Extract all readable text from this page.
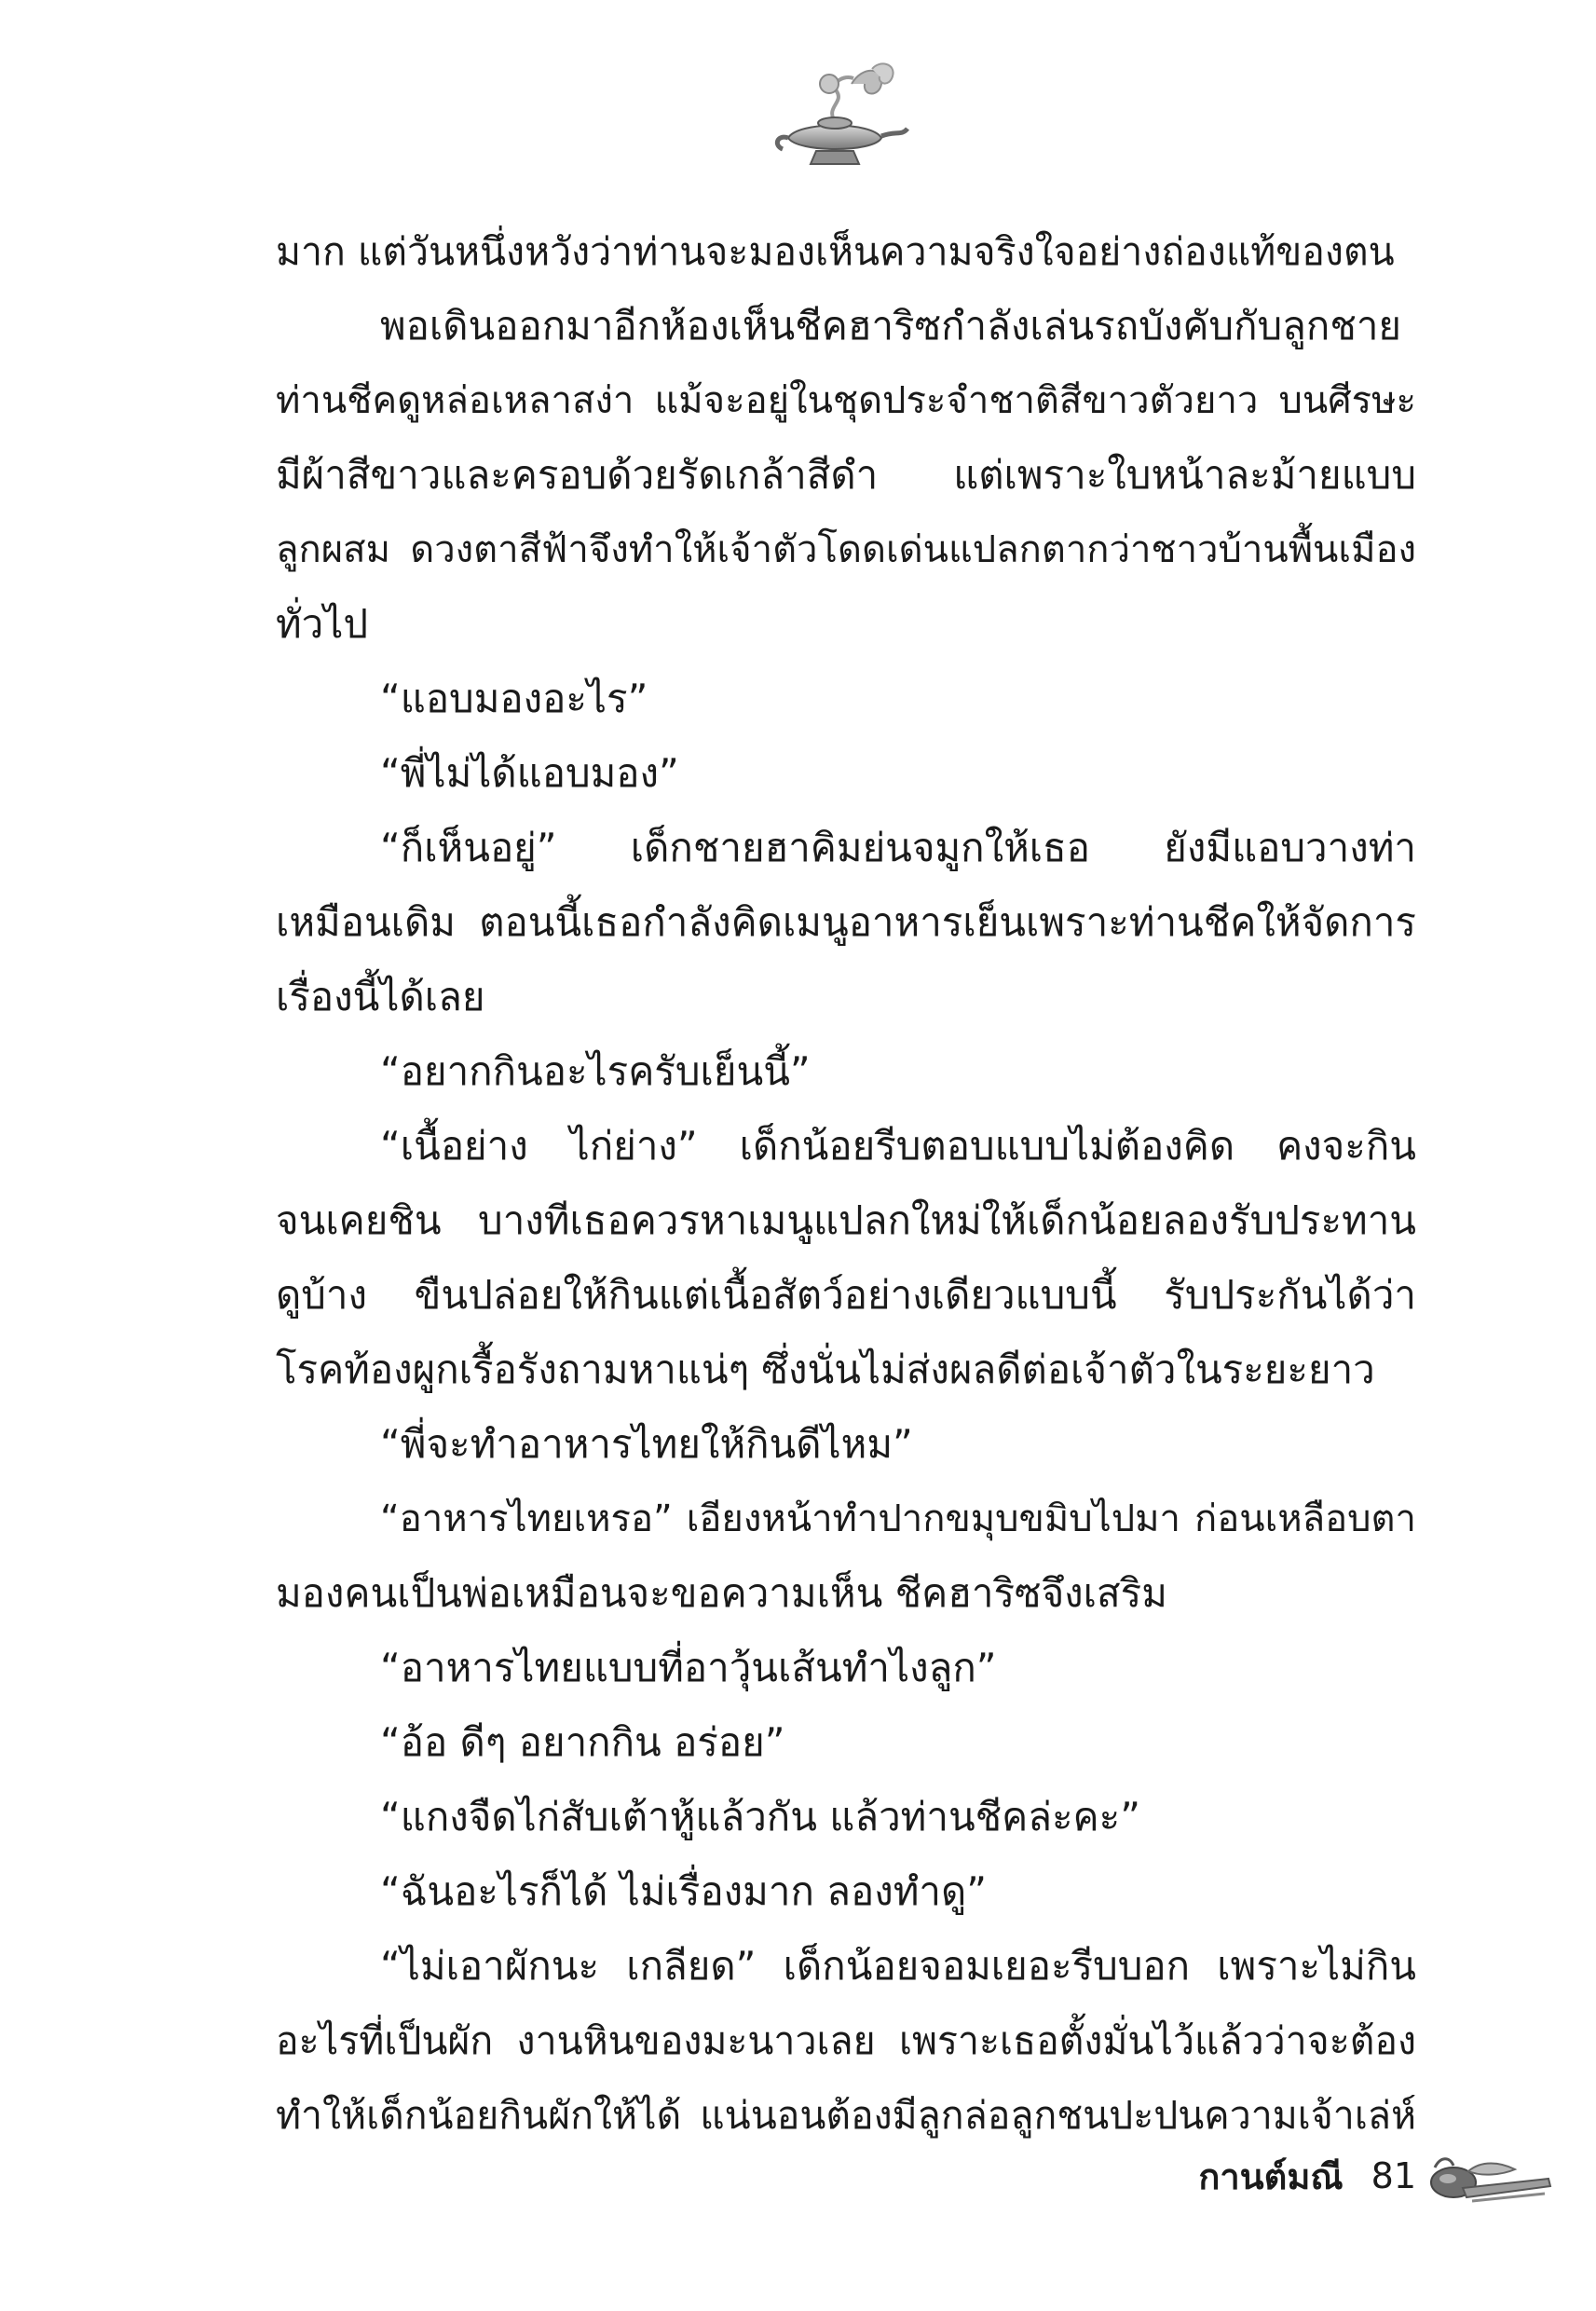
มาก แต่วันหนึ่งหวังว่าท่านจะมองเห็นความจริงใจอย่างถ่องแท้ของตน

พอเดินออกมาอีกห้องเห็นชีคฮาริซกำลังเล่นรถบังคับกับลูกชาย

ท่านชีคดูหล่อเหลาสง่า แม้จะอยู่ในชุดประจำชาติสีขาวตัวยาว บนศีรษะ

มีผ้าสีขาวและครอบด้วยรัดเกล้าสีดำ แต่เพราะใบหน้าละม้ายแบบ

ลูกผสม ดวงตาสีฟ้าจึงทำให้เจ้าตัวโดดเด่นแปลกตากว่าชาวบ้านพื้นเมือง

ทั่วไป

“แอบมองอะไร”

“พี่ไม่ได้แอบมอง”

“ก็เห็นอยู่” เด็กชายฮาคิมย่นจมูกให้เธอ ยังมีแอบวางท่า

เหมือนเดิม ตอนนี้เธอกำลังคิดเมนูอาหารเย็นเพราะท่านชีคให้จัดการ

เรื่องนี้ได้เลย

“อยากกินอะไรครับเย็นนี้”

“เนื้อย่าง ไก่ย่าง” เด็กน้อยรีบตอบแบบไม่ต้องคิด คงจะกิน

จนเคยชิน บางทีเธอควรหาเมนูแปลกใหม่ให้เด็กน้อยลองรับประทาน

ดูบ้าง ขืนปล่อยให้กินแต่เนื้อสัตว์อย่างเดียวแบบนี้ รับประกันได้ว่า

โรคท้องผูกเรื้อรังถามหาแน่ๆ ซึ่งนั่นไม่ส่งผลดีต่อเจ้าตัวในระยะยาว

“พี่จะทำอาหารไทยให้กินดีไหม”

“อาหารไทยเหรอ” เอียงหน้าทำปากขมุบขมิบไปมา ก่อนเหลือบตา

มองคนเป็นพ่อเหมือนจะขอความเห็น ชีคฮาริซจึงเสริม

“อาหารไทยแบบที่อาวุ้นเส้นทำไงลูก”

“อ้อ ดีๆ อยากกิน อร่อย”

“แกงจืดไก่สับเต้าหู้แล้วกัน แล้วท่านชีคล่ะคะ”

“ฉันอะไรก็ได้ ไม่เรื่องมาก ลองทำดู”

“ไม่เอาผักนะ เกลียด” เด็กน้อยจอมเยอะรีบบอก เพราะไม่กิน

อะไรที่เป็นผัก งานหินของมะนาวเลย เพราะเธอตั้งมั่นไว้แล้วว่าจะต้อง

ทำให้เด็กน้อยกินผักให้ได้ แน่นอนต้องมีลูกล่อลูกชนปะปนความเจ้าเล่ห์

กานต์มณี 81
